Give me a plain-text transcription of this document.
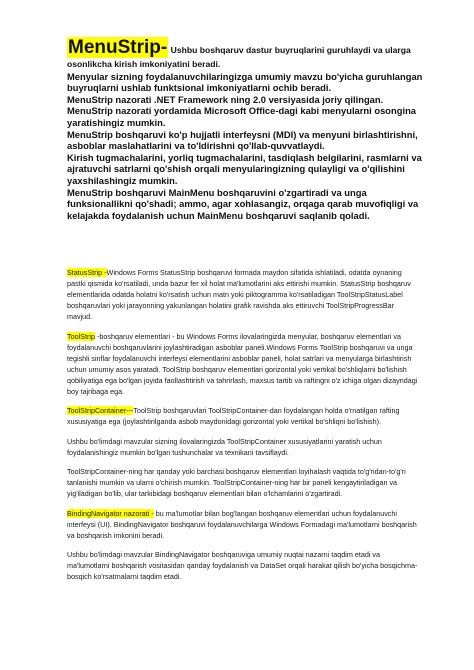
MenuStrip- Ushbu boshqaruv dastur buyruqlarini guruhlaydi va ularga osonlikcha kirish imkoniyatini beradi.

Menyular sizning foydalanuvchilaringizga umumiy mavzu bo'yicha guruhlangan buyruqlarni ushlab funktsional imkoniyatlarni ochib beradi.

MenuStrip nazorati .NET Framework ning 2.0 versiyasida joriy qilingan.

MenuStrip nazorati yordamida Microsoft Office-dagi kabi menyularni osongina yaratishingiz mumkin.

MenuStrip boshqaruvi ko'p hujjatli interfeysni (MDI) va menyuni birlashtirishni, asboblar maslahatlarini va to'ldirishni qo'llab-quvvatlaydi.

Kirish tugmachalarini, yorliq tugmachalarini, tasdiqlash belgilarini, rasmlarni va ajratuvchi satrlarni qo'shish orqali menyularingizning qulayligi va o'qilishini yaxshilashingiz mumkin.

MenuStrip boshqaruvi MainMenu boshqaruvini o'zgartiradi va unga funksionallikni qo'shadi; ammo, agar xohlasangiz, orqaga qarab muvofiqligi va kelajakda foydalanish uchun MainMenu boshqaruvi saqlanib qoladi.

StatusStrip -Windows Forms StatusStrip boshqaruvi formada maydon sifatida ishlatiladi, odatda oynaning pastki qismida ko'rsatiladi, unda bazur fer xil holat ma'lumotlarini aks ettirishi mumkin. StatusStrip boshqaruv elementlarida odatda holatni ko'rsatish uchun matn yoki piktogramma ko'rsatiladigan ToolStripStatusLabel boshqaruvlari yoki jarayonning yakunlangan holatini grafik ravishda aks ettiruvchi ToolStripProgressBar mavjud.

ToolStrip -boshqaruv elementlari - bu Windows Forms ilovalaringizda menyular, boshqaruv elementlari va foydalanuvchi boshqaruvlarini joylashtiradigan asboblar paneli.Windows Forms ToolStrip boshqaruvi va unga tegishli sinflar foydalanuvchi interfeysi elementlarini asboblar paneli, holat satrlari va menyularga birlashtirish uchun umumiy asos yaratadi. ToolStrip boshqaruv elementlari gorizontal yoki vertikal bo'shliqlarni bo'lishish qobiliyatiga ega bo'lgan joyida faollashtirish va tahrirlash, maxsus tartib va raftingni o'z ichiga olgan dizayndagi boy tajribaga ega.

ToolStripContainer---ToolStrip boshqaruvlari ToolStripContainer-dan foydalangan holda o'rnatilgan rafting xususiyatiga ega (joylashtirilganda asbob maydonidagi gorizontal yoki vertikal bo'shliqni bo'lishish).

Ushbu bo'limdagi mavzular sizning ilovalaringizda ToolStripContainer xususiyatlarini yaratish uchun foydalanishingiz mumkin bo'lgan tushunchalar va texnikani tavsiflaydi.

ToolStripContainer-ning har qanday yoki barchasi boshqaruv elementlari loyihalash vaqtida to'g'ridan-to'g'ri tanlanishi mumkin va ularni o'chirish mumkin. ToolStripContainer-ning har bir paneli kengaytiriladigan va yig'iladigan bo'lib, ular tarkibidagi boshqaruv elementlari bilan o'lchamlarini o'zgartiradi.

BindingNavigator nazorati - bu ma'lumotlar bilan bog'langan boshqaruv elementlari uchun foydalanuvchi interfeysi (UI). BindingNavigator boshqaruvi foydalanuvchilarga Windows Formadagi ma'lumotlarni boshqarish va boshqarish imkonini beradi.

Ushbu bo'limdagi mavzular BindingNavigator boshqaruviga umumiy nuqtai nazarni taqdim etadi va ma'lumotlarni boshqarish vositasidan qanday foydalanish va DataSet orqali harakat qilish bo'yicha bosqichma-bosqich ko'rsatmalarni taqdim etadi.
